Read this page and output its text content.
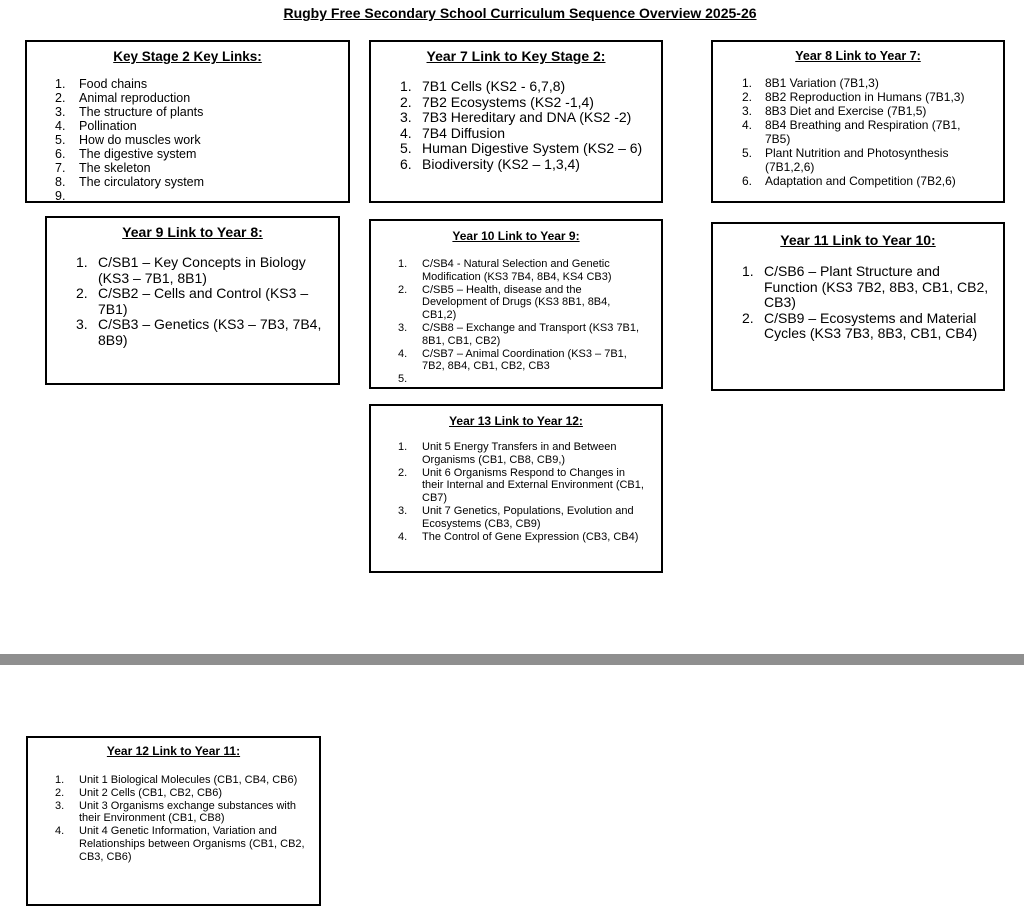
Rugby Free Secondary School Curriculum Sequence Overview 2025-26
Key Stage 2 Key Links:
1.	Food chains
2.	Animal reproduction
3.	The structure of plants
4.	Pollination
5.	How do muscles work
6.	The digestive system
7.	The skeleton
8.	The circulatory system
9.
Year 7 Link to Key Stage 2:
1. 7B1 Cells (KS2 - 6,7,8)
2. 7B2 Ecosystems (KS2 -1,4)
3. 7B3 Hereditary and DNA (KS2 -2)
4. 7B4 Diffusion
5. Human Digestive System (KS2 – 6)
6. Biodiversity (KS2 – 1,3,4)
Year 8 Link to Year 7:
1.	8B1 Variation (7B1,3)
2.	8B2 Reproduction in Humans (7B1,3)
3.	8B3 Diet and Exercise (7B1,5)
4.	8B4 Breathing and Respiration (7B1, 7B5)
5.	Plant Nutrition and Photosynthesis (7B1,2,6)
6.	Adaptation and Competition (7B2,6)
Year 9 Link to Year 8:
1. C/SB1 – Key Concepts in Biology (KS3 – 7B1, 8B1)
2. C/SB2 – Cells and Control (KS3 – 7B1)
3. C/SB3 – Genetics (KS3 – 7B3, 7B4, 8B9)
Year 10 Link to Year 9:
1.	C/SB4 - Natural Selection and Genetic Modification (KS3 7B4, 8B4, KS4 CB3)
2.	C/SB5 – Health, disease and the Development of Drugs (KS3 8B1, 8B4, CB1,2)
3.	C/SB8 – Exchange and Transport (KS3 7B1, 8B1, CB1, CB2)
4.	C/SB7 – Animal Coordination (KS3 – 7B1, 7B2, 8B4, CB1, CB2, CB3
5.
Year 11 Link to Year 10:
1. C/SB6 – Plant Structure and Function (KS3 7B2, 8B3, CB1, CB2, CB3)
2. C/SB9 – Ecosystems and Material Cycles (KS3 7B3, 8B3, CB1, CB4)
Year 13 Link to Year 12:
1.	Unit 5 Energy Transfers in and Between Organisms (CB1, CB8, CB9,)
2.	Unit 6 Organisms Respond to Changes in their Internal and External Environment (CB1, CB7)
3.	Unit 7 Genetics, Populations, Evolution and Ecosystems (CB3, CB9)
4.	The Control of Gene Expression (CB3, CB4)
Year 12 Link to Year 11:
1.	Unit 1 Biological Molecules (CB1, CB4, CB6)
2.	Unit 2 Cells (CB1, CB2, CB6)
3.	Unit 3 Organisms exchange substances with their Environment (CB1, CB8)
4.	Unit 4 Genetic Information, Variation and Relationships between Organisms (CB1, CB2, CB3, CB6)
